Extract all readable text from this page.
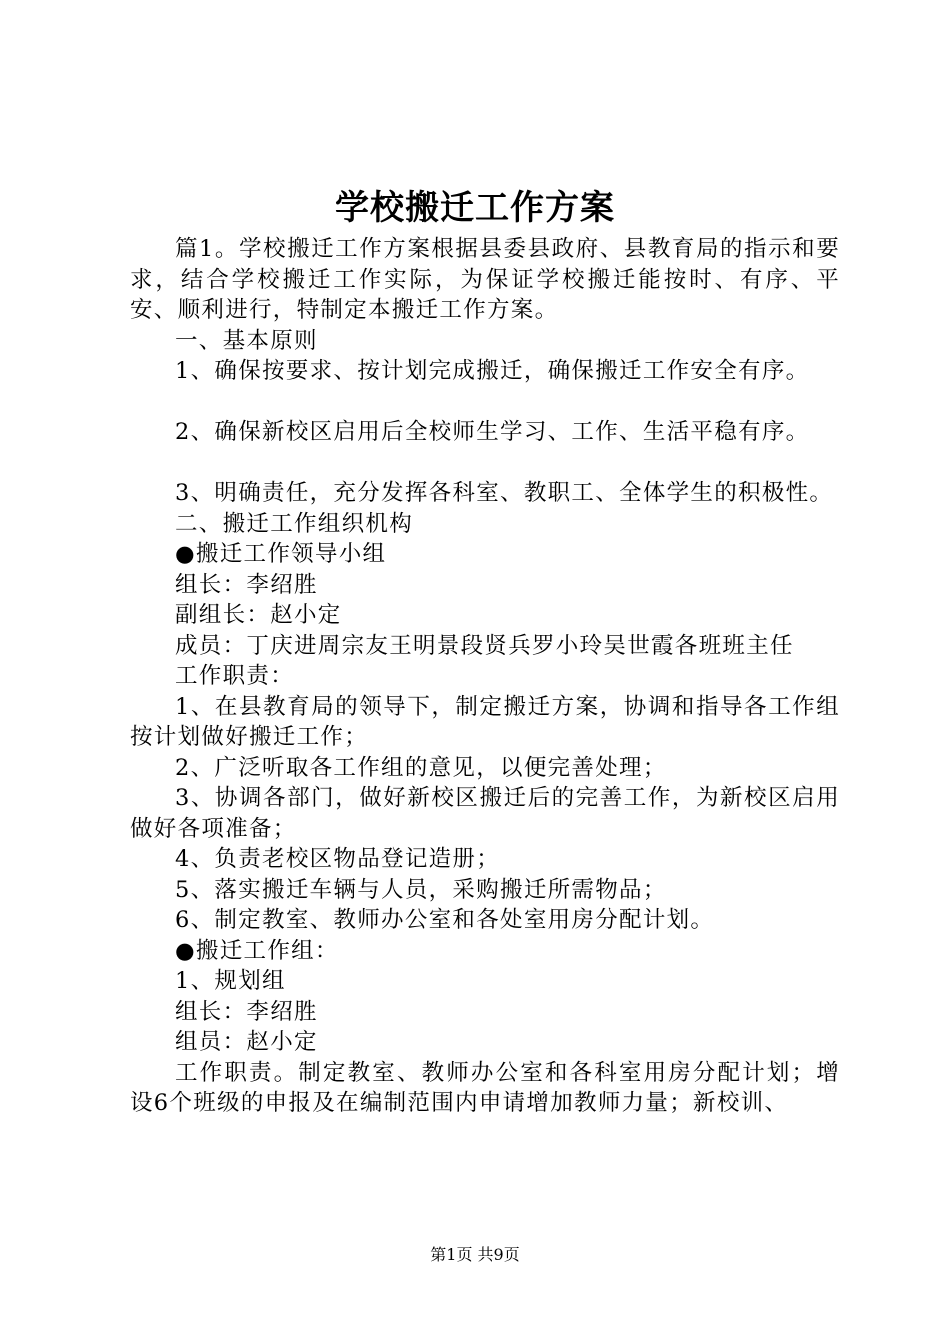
学校搬迁工作方案

篇1。学校搬迁工作方案根据县委县政府、县教育局的指示和要求，结合学校搬迁工作实际，为保证学校搬迁能按时、有序、平安、顺利进行，特制定本搬迁工作方案。

一、基本原则

1、确保按要求、按计划完成搬迁，确保搬迁工作安全有序。

2、确保新校区启用后全校师生学习、工作、生活平稳有序。

3、明确责任，充分发挥各科室、教职工、全体学生的积极性。

二、搬迁工作组织机构

●搬迁工作领导小组

组长：李绍胜

副组长：赵小定

成员：丁庆进周宗友王明景段贤兵罗小玲吴世霞各班班主任

工作职责：

1、在县教育局的领导下，制定搬迁方案，协调和指导各工作组按计划做好搬迁工作；

2、广泛听取各工作组的意见，以便完善处理；

3、协调各部门，做好新校区搬迁后的完善工作，为新校区启用做好各项准备；

4、负责老校区物品登记造册；

5、落实搬迁车辆与人员，采购搬迁所需物品；

6、制定教室、教师办公室和各处室用房分配计划。

●搬迁工作组：

1、规划组

组长：李绍胜

组员：赵小定

工作职责。制定教室、教师办公室和各科室用房分配计划；增设6个班级的申报及在编制范围内申请增加教师力量；新校训、

第1页 共9页
